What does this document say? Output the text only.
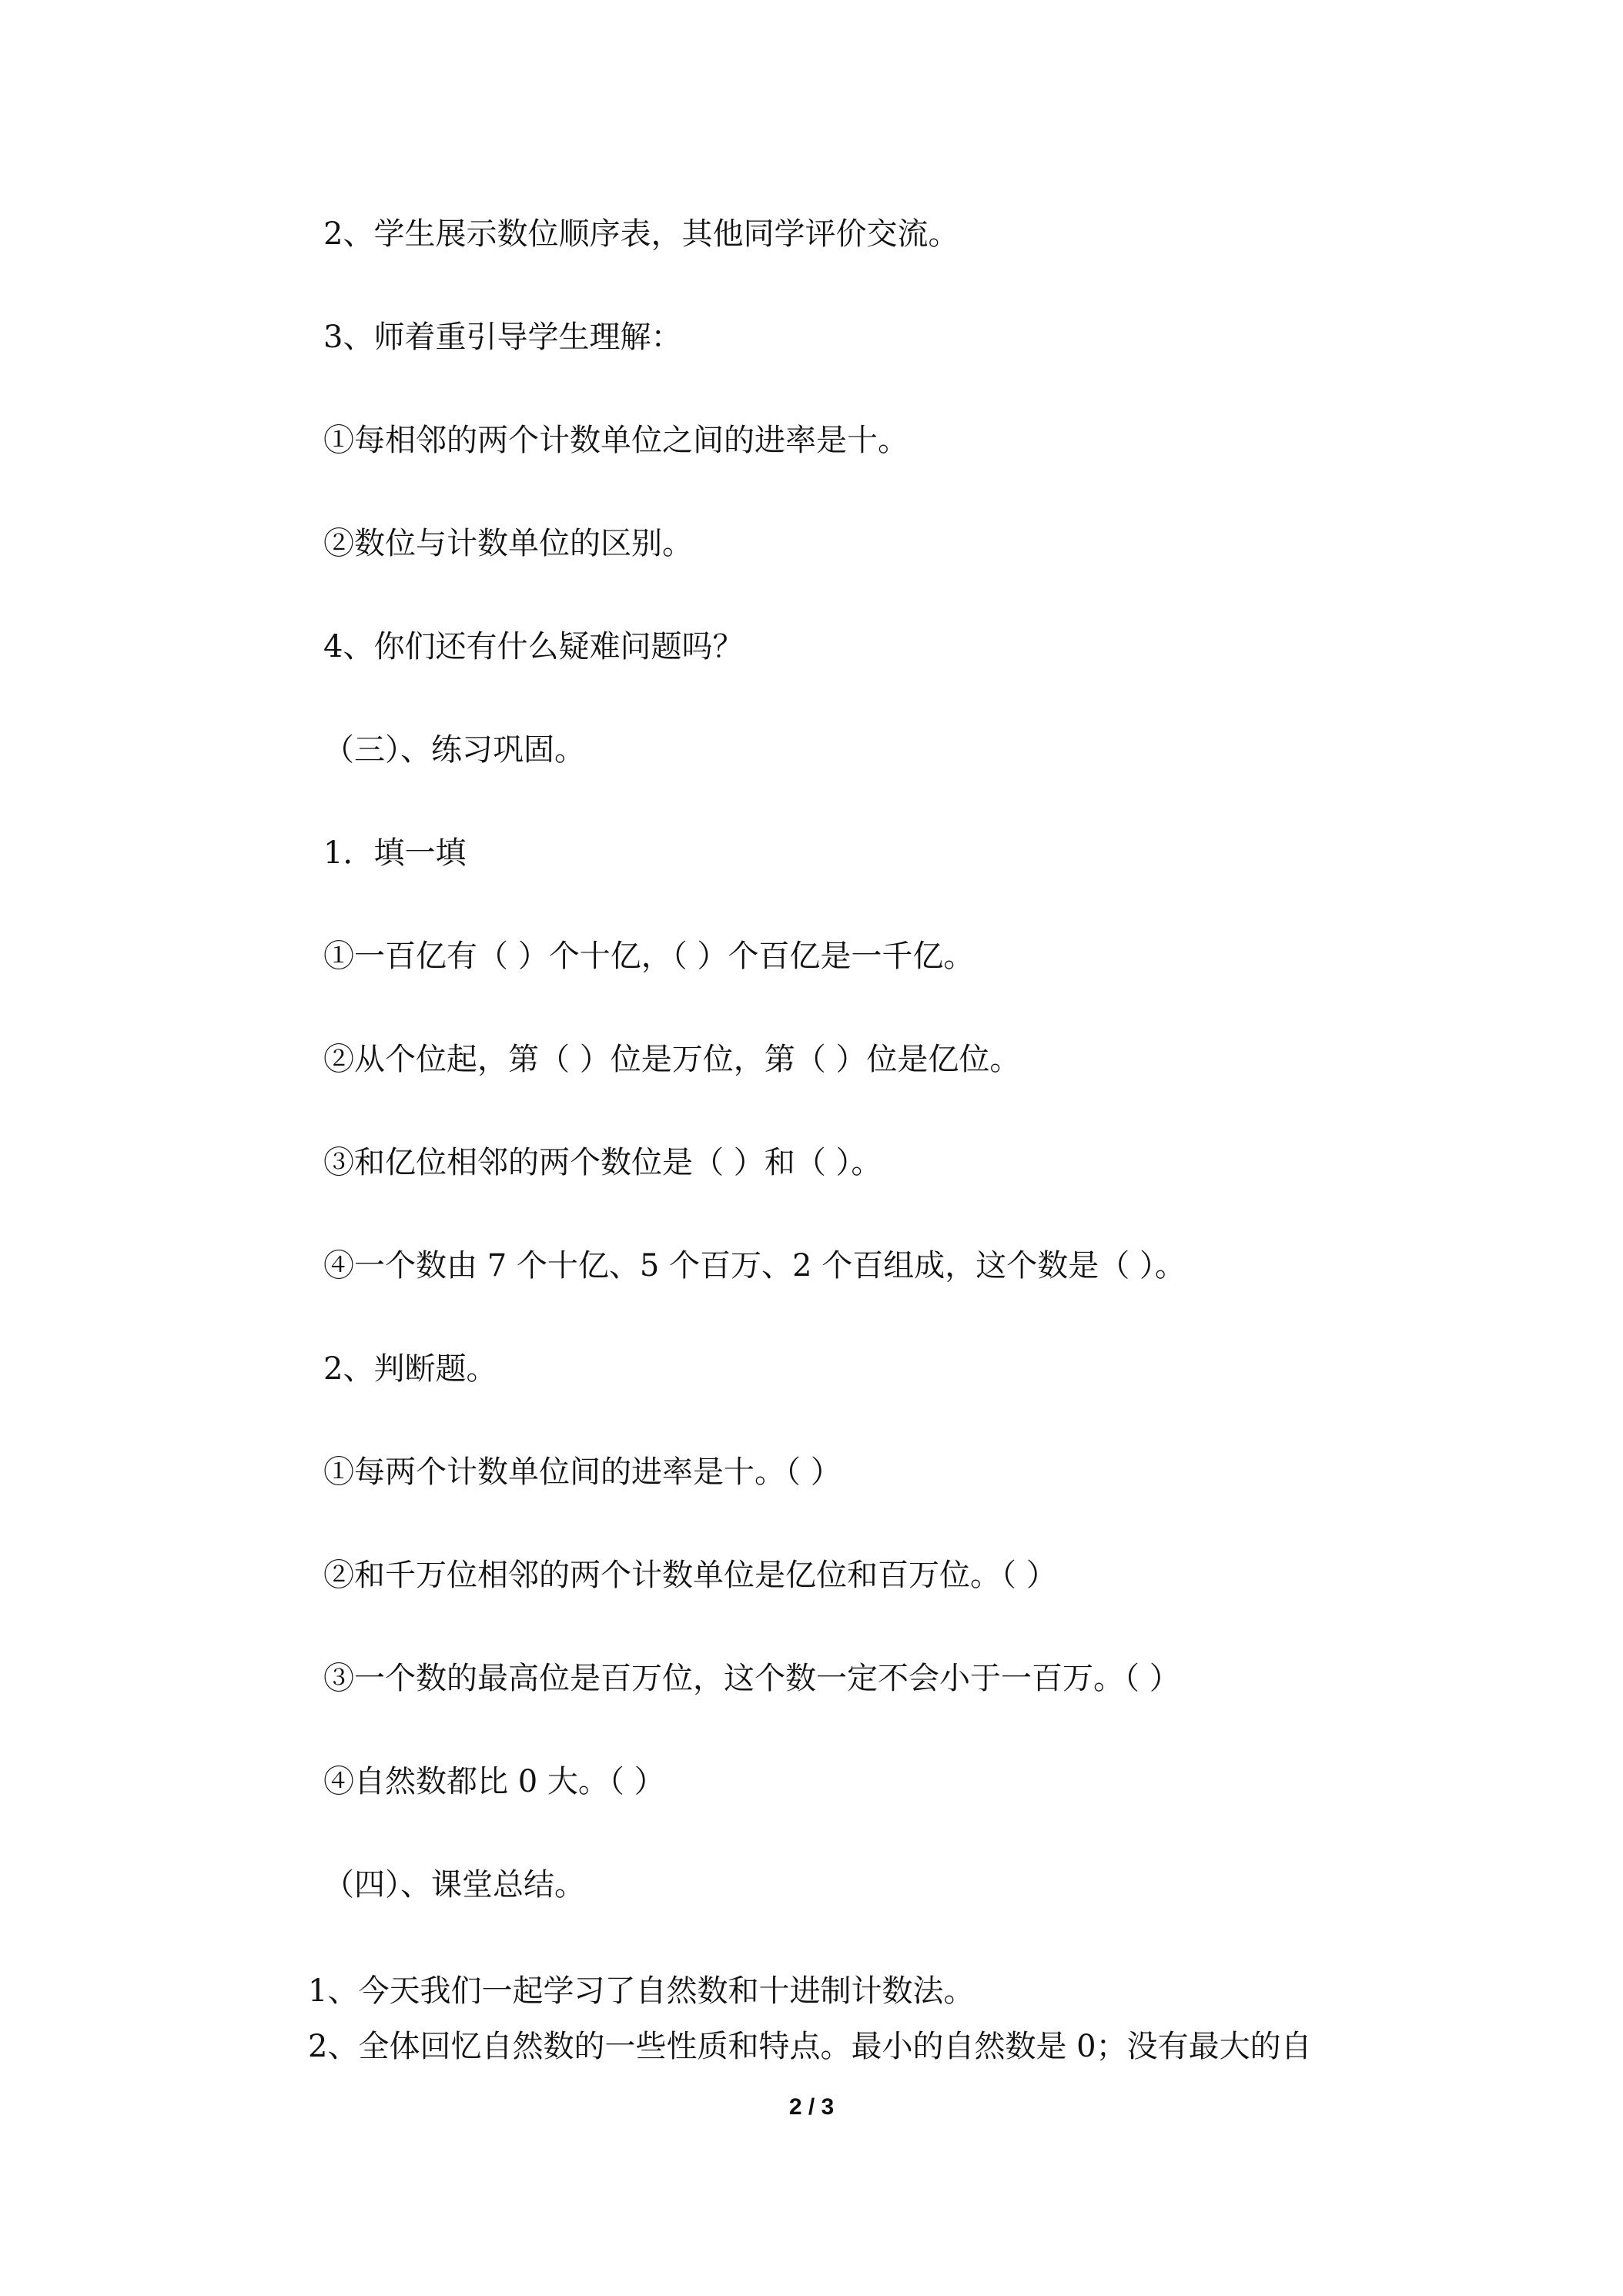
2、学生展示数位顺序表，其他同学评价交流。
3、师着重引导学生理解：
①每相邻的两个计数单位之间的进率是十。
②数位与计数单位的区别。
4、你们还有什么疑难问题吗？
（三）、练习巩固。
1．填一填
①一百亿有（ ）个十亿，（ ）个百亿是一千亿。
②从个位起，第（ ）位是万位，第（ ）位是亿位。
③和亿位相邻的两个数位是（ ）和（ ）。
④一个数由 7 个十亿、5 个百万、2 个百组成，这个数是（ ）。
2、判断题。
①每两个计数单位间的进率是十。（ ）
②和千万位相邻的两个计数单位是亿位和百万位。（ ）
③一个数的最高位是百万位，这个数一定不会小于一百万。（ ）
④自然数都比 0 大。（ ）
（四）、课堂总结。
1、今天我们一起学习了自然数和十进制计数法。
2、全体回忆自然数的一些性质和特点。最小的自然数是 0；没有最大的自
2 / 3
